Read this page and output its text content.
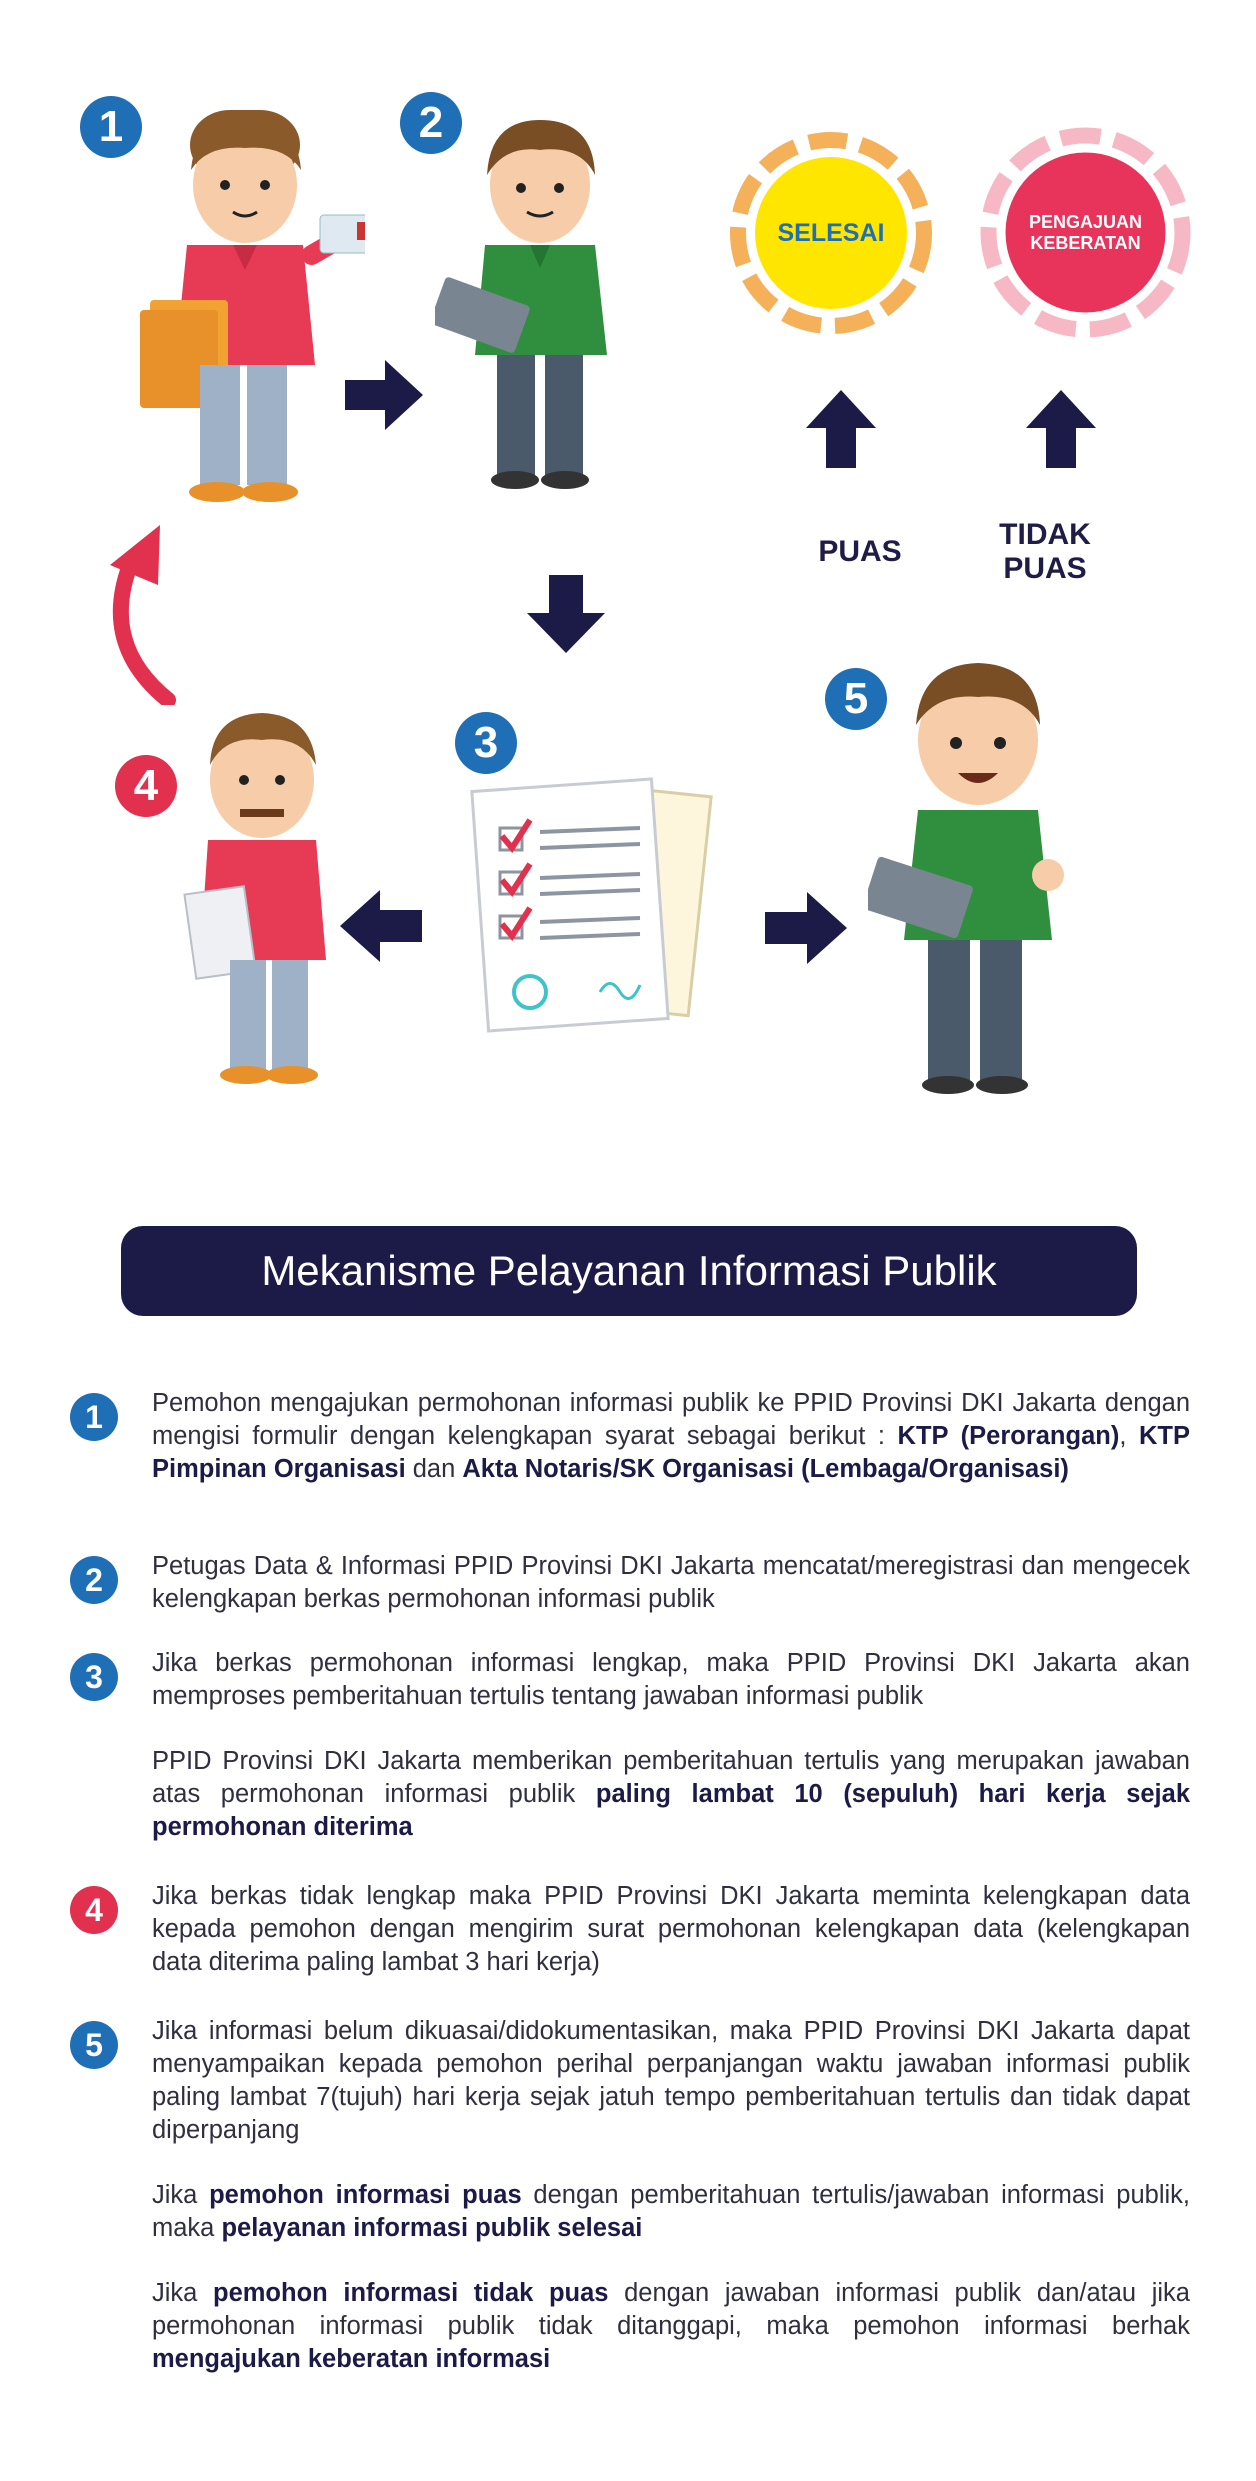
1	2
3
4
5
SELESAI	PENGAJUAN
KEBERATAN
PUAS
TIDAK
PUAS
Mekanisme Pelayanan Informasi Publik
1	Pemohon mengajukan permohonan informasi publik ke PPID Provinsi DKI Jakarta dengan mengisi formulir dengan kelengkapan syarat sebagai berikut : KTP (Perorangan), KTP Pimpinan Organisasi dan Akta Notaris/SK Organisasi (Lembaga/Organisasi)
2	Petugas Data & Informasi PPID Provinsi DKI Jakarta mencatat/meregistrasi dan mengecek kelengkapan berkas permohonan informasi publik
3	Jika berkas permohonan informasi lengkap, maka PPID Provinsi DKI Jakarta akan memproses pemberitahuan tertulis tentang jawaban informasi publik

PPID Provinsi DKI Jakarta memberikan pemberitahuan tertulis yang merupakan jawaban atas permohonan informasi publik paling lambat 10 (sepuluh) hari kerja sejak permohonan diterima

4	Jika berkas tidak lengkap maka PPID Provinsi DKI Jakarta meminta kelengkapan data kepada pemohon dengan mengirim surat permohonan kelengkapan data (kelengkapan data diterima paling lambat 3 hari kerja)
5	Jika informasi belum dikuasai/didokumentasikan, maka PPID Provinsi DKI Jakarta dapat menyampaikan kepada pemohon perihal perpanjangan waktu jawaban informasi publik paling lambat 7(tujuh) hari kerja sejak jatuh tempo pemberitahuan tertulis dan tidak dapat diperpanjang

Jika pemohon informasi puas dengan pemberitahuan tertulis/jawaban informasi publik, maka pelayanan informasi publik selesai

Jika pemohon informasi tidak puas dengan jawaban informasi publik dan/atau jika permohonan informasi publik tidak ditanggapi, maka pemohon informasi berhak mengajukan keberatan informasi
